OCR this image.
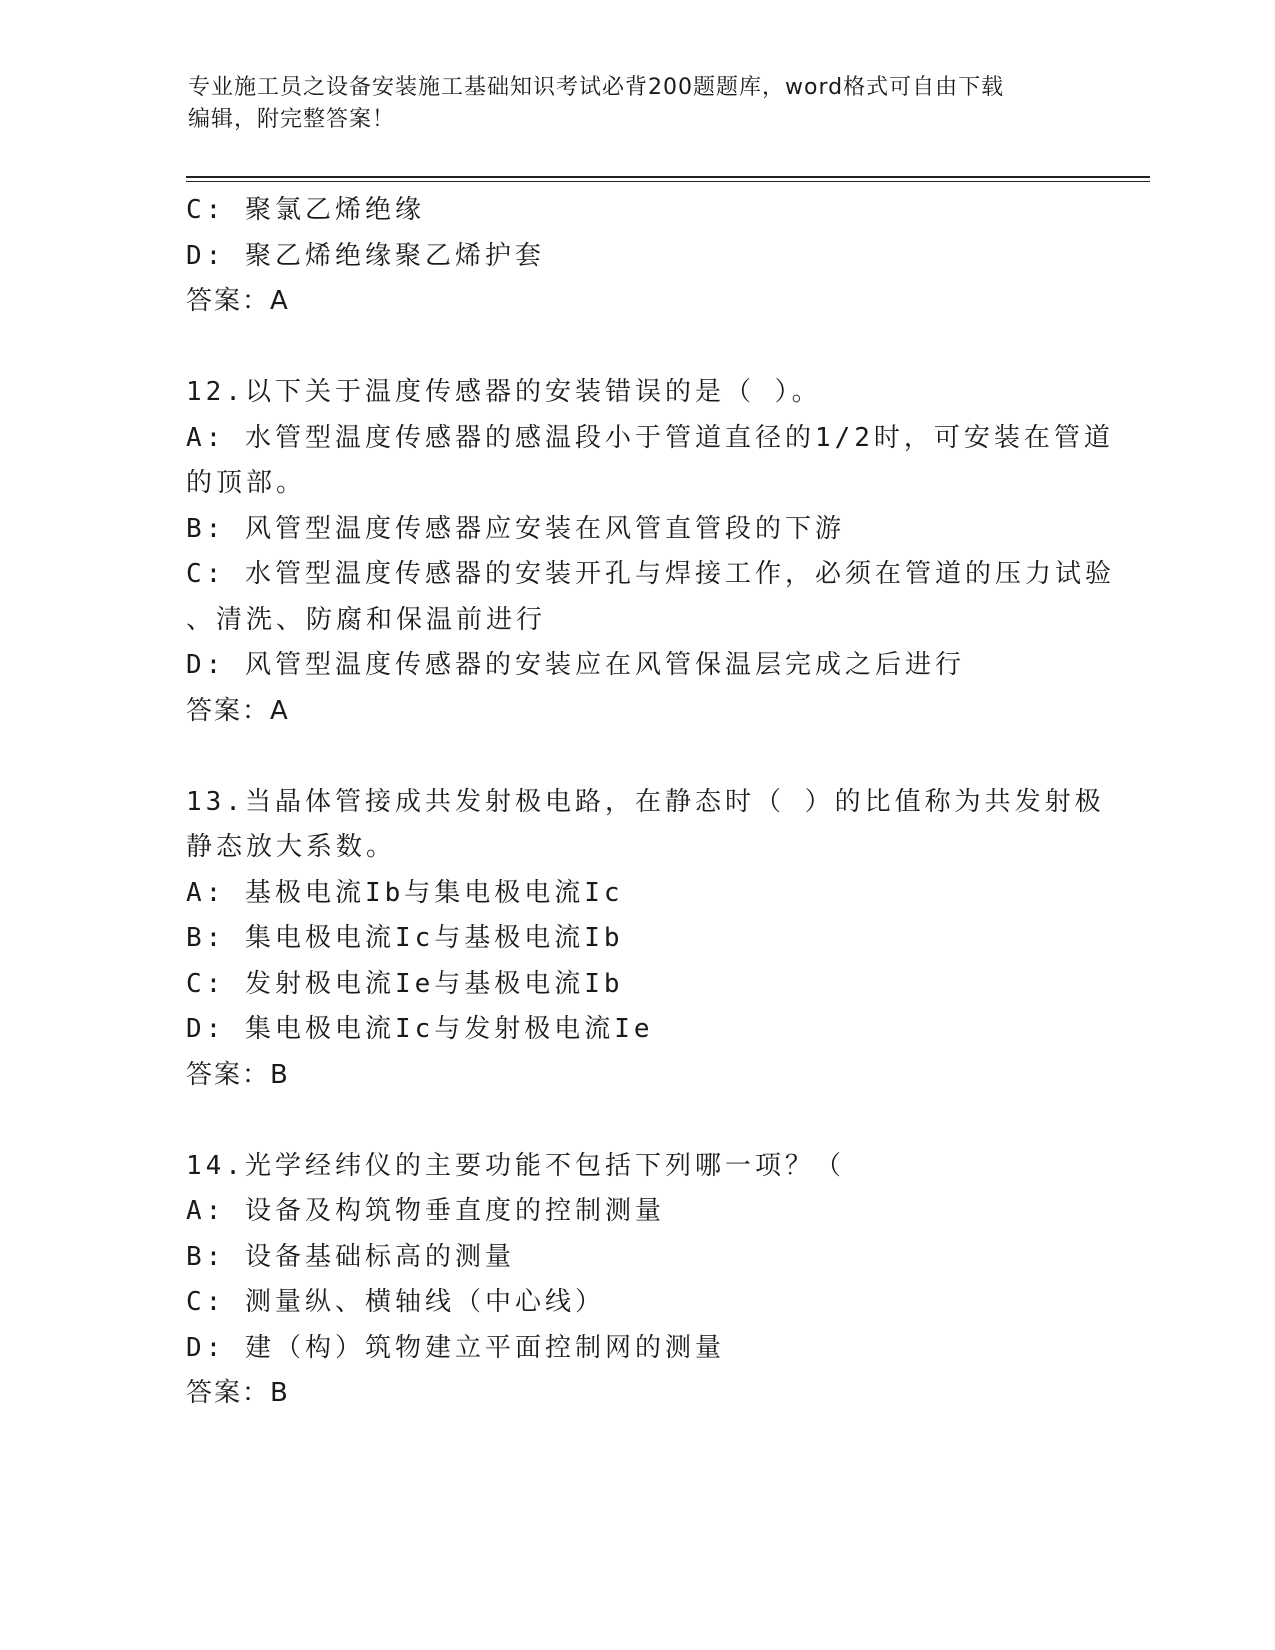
专业施工员之设备安装施工基础知识考试必背200题题库，word格式可自由下载
编辑，附完整答案！
C: 聚氯乙烯绝缘
D: 聚乙烯绝缘聚乙烯护套
答案：A
12.以下关于温度传感器的安装错误的是（ ）。
A: 水管型温度传感器的感温段小于管道直径的1/2时，可安装在管道
的顶部。
B: 风管型温度传感器应安装在风管直管段的下游
C: 水管型温度传感器的安装开孔与焊接工作，必须在管道的压力试验
、清洗、防腐和保温前进行
D: 风管型温度传感器的安装应在风管保温层完成之后进行
答案：A
13.当晶体管接成共发射极电路，在静态时（ ）的比值称为共发射极
静态放大系数。
A: 基极电流Ib与集电极电流Ic
B: 集电极电流Ic与基极电流Ib
C: 发射极电流Ie与基极电流Ib
D: 集电极电流Ic与发射极电流Ie
答案：B
14.光学经纬仪的主要功能不包括下列哪一项？（
A: 设备及构筑物垂直度的控制测量
B: 设备基础标高的测量
C: 测量纵、横轴线（中心线）
D: 建（构）筑物建立平面控制网的测量
答案：B
